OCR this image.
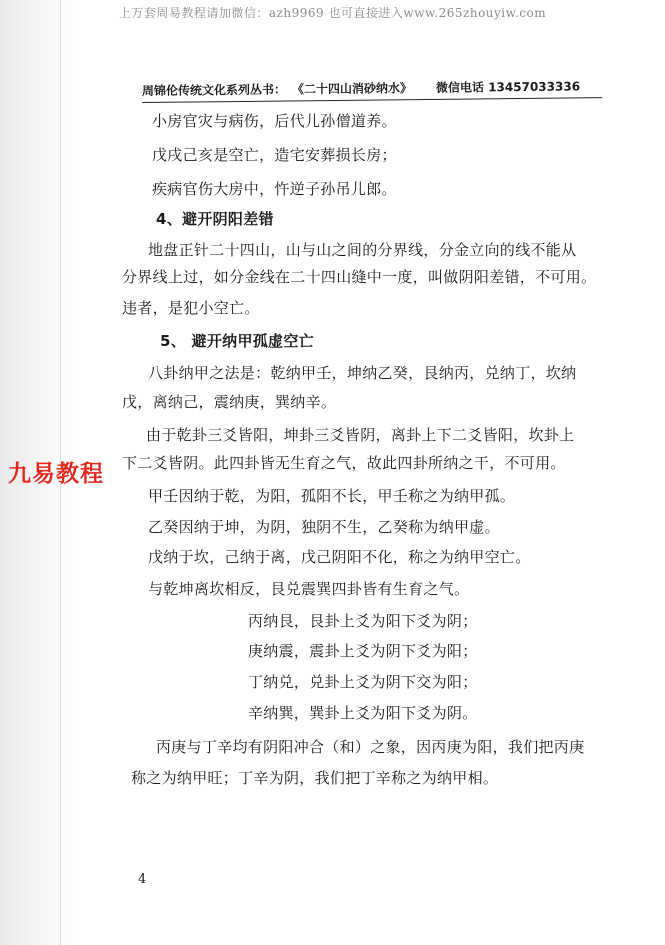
上万套周易教程请加微信：azh9969 也可直接进入www.265zhouyiw.com
周锦伦传统文化系列丛书： 《二十四山消砂纳水》 微信电话 13457033336
小房官灾与病伤，后代儿孙僧道养。
戊戌己亥是空亡，造宅安葬损长房；
疾病官伤大房中，忤逆子孙吊儿郎。
4、避开阴阳差错
地盘正针二十四山，山与山之间的分界线，分金立向的线不能从
分界线上过，如分金线在二十四山缝中一度，叫做阴阳差错，不可用。
违者，是犯小空亡。
5、 避开纳甲孤虚空亡
八卦纳甲之法是：乾纳甲壬，坤纳乙癸，艮纳丙，兑纳丁，坎纳
戊，离纳己，震纳庚，巽纳辛。
由于乾卦三爻皆阳，坤卦三爻皆阴，离卦上下二爻皆阳，坎卦上
下二爻皆阴。此四卦皆无生育之气，故此四卦所纳之干，不可用。
甲壬因纳于乾，为阳，孤阳不长，甲壬称之为纳甲孤。
乙癸因纳于坤，为阴，独阴不生，乙癸称为纳甲虚。
戊纳于坎，己纳于离，戊己阴阳不化，称之为纳甲空亡。
与乾坤离坎相反，艮兑震巽四卦皆有生育之气。
丙纳艮，艮卦上爻为阳下爻为阴；
庚纳震，震卦上爻为阴下爻为阳；
丁纳兑，兑卦上爻为阴下交为阳；
辛纳巽，巽卦上爻为阳下爻为阴。
丙庚与丁辛均有阴阳冲合（和）之象，因丙庚为阳，我们把丙庚
称之为纳甲旺；丁辛为阴，我们把丁辛称之为纳甲相。
九易教程
4
